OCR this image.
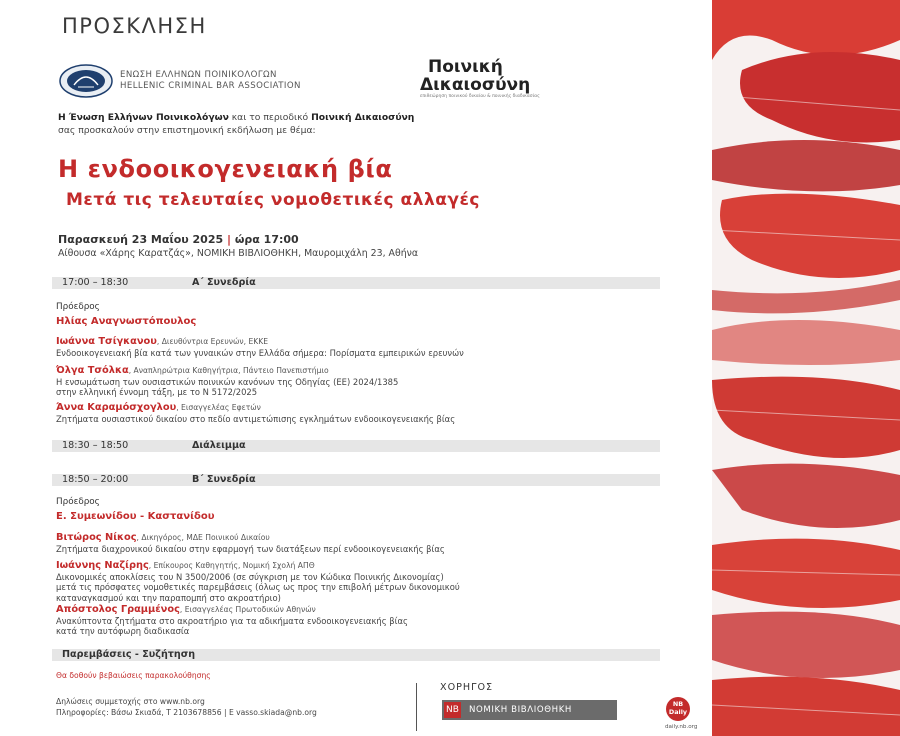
ΠΡΟΣΚΛΗΣΗ
ΕΝΩΣΗ ΕΛΛΗΝΩΝ ΠΟΙΝΙΚΟΛΟΓΩΝ
HELLENIC CRIMINAL BAR ASSOCIATION
Ποινική
Δικαιοσύνη
επιθεώρηση ποινικού δικαίου & ποινικής διαδικασίας
Η Ένωση Ελλήνων Ποινικολόγων και το περιοδικό Ποινική Δικαιοσύνη
σας προσκαλούν στην επιστημονική εκδήλωση με θέμα:
Η ενδοοικογενειακή βία
Μετά τις τελευταίες νομοθετικές αλλαγές
Παρασκευή 23 Μαΐου 2025 | ώρα 17:00
Αίθουσα «Χάρης Καρατζάς», ΝΟΜΙΚΗ ΒΙΒΛΙΟΘΗΚΗ, Μαυρομιχάλη 23, Αθήνα
17:00 – 18:30	Α΄ Συνεδρία
Πρόεδρος
Ηλίας Αναγνωστόπουλος
Ιωάννα Τσίγκανου, Διευθύντρια Ερευνών, ΕΚΚΕ
Ενδοοικογενειακή βία κατά των γυναικών στην Ελλάδα σήμερα: Πορίσματα εμπειρικών ερευνών
Όλγα Τσόλκα, Αναπληρώτρια Καθηγήτρια, Πάντειο Πανεπιστήμιο
Η ενσωμάτωση των ουσιαστικών ποινικών κανόνων της Οδηγίας (ΕΕ) 2024/1385
στην ελληνική έννομη τάξη, με το Ν 5172/2025
Άννα Καραμόσχογλου, Εισαγγελέας Εφετών
Ζητήματα ουσιαστικού δικαίου στο πεδίο αντιμετώπισης εγκλημάτων ενδοοικογενειακής βίας
18:30 – 18:50	Διάλειμμα
18:50 – 20:00	Β΄ Συνεδρία
Πρόεδρος
Ε. Συμεωνίδου - Καστανίδου
Βιτώρος Νίκος, Δικηγόρος, ΜΔΕ Ποινικού Δικαίου
Ζητήματα διαχρονικού δικαίου στην εφαρμογή των διατάξεων περί ενδοοικογενειακής βίας
Ιωάννης Ναζίρης, Επίκουρος Καθηγητής, Νομική Σχολή ΑΠΘ
Δικονομικές αποκλίσεις του Ν 3500/2006 (σε σύγκριση με τον Κώδικα Ποινικής Δικονομίας)
μετά τις πρόσφατες νομοθετικές παρεμβάσεις (όλως ως προς την επιβολή μέτρων δικονομικού
καταναγκασμού και την παραπομπή στο ακροατήριο)
Απόστολος Γραμμένος, Εισαγγελέας Πρωτοδικών Αθηνών
Ανακύπτοντα ζητήματα στο ακροατήριο για τα αδικήματα ενδοοικογενειακής βίας
κατά την αυτόφωρη διαδικασία
Παρεμβάσεις - Συζήτηση
Θα δοθούν βεβαιώσεις παρακολούθησης
Δηλώσεις συμμετοχής στο www.nb.org
Πληροφορίες: Βάσω Σκιαδά, Τ 2103678856 | E vasso.skiada@nb.org
ΧΟΡΗΓΟΣ
NB ΝΟΜΙΚΗ ΒΙΒΛΙΟΘΗΚΗ
NB
Daily
daily.nb.org
